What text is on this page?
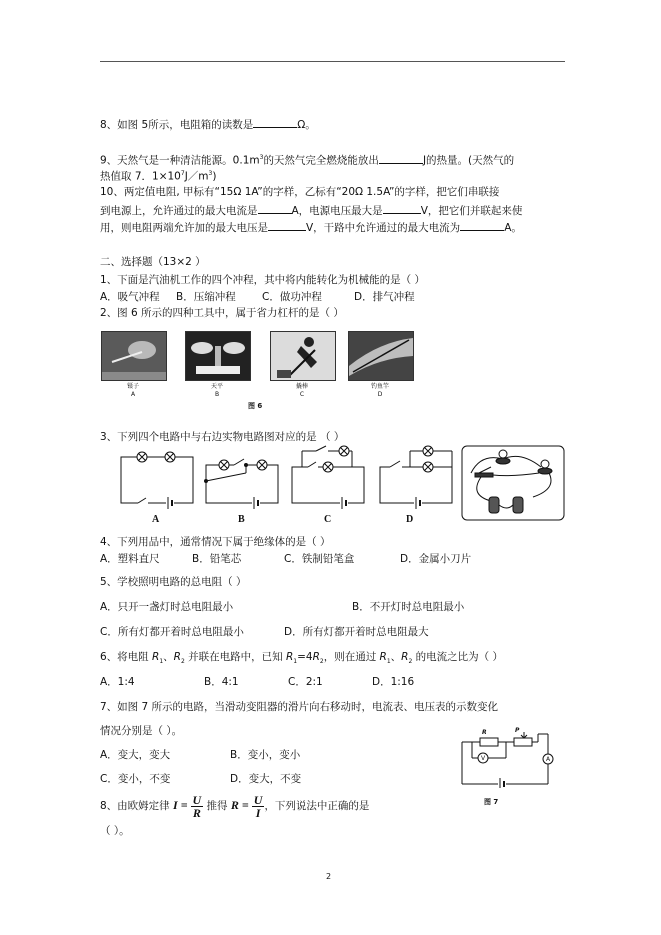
8、如图 5所示，电阻箱的读数是	Ω。
9、天然气是一种清洁能源。$0.1m^3$的天然气完全燃烧能放出	J的热量。(天然气的
热值取 7．$1\times 10^7J/m^3$)
10、两定值电阻, 甲标有“15Ω 1A”的字样，乙标有“20Ω 1.5A”的字样，把它们串联接
到电源上，允许通过的最大电流是	A，电源电压最大是	V，把它们并联起来使
用，则电阻两端允许加的最大电压是	V，干路中允许通过的最大电流为	A。
二、选择题（13×2 ）
1、下面是汽油机工作的四个冲程，其中将内能转化为机械能的是（ ）
A．吸气冲程 B．压缩冲程	C．做功冲程	D．排气冲程
2、图 6 所示的四种工具中，属于省力杠杆的是（ ）
镊子
A
天平
B
撬棒
C
钓鱼竿
D
图 6
3、下列四个电路中与右边实物电路图对应的是 （ ）
A	B	C	D
4、下列用品中，通常情况下属于绝缘体的是（ ）
A．塑料直尺	B．铅笔芯	C．铁制铅笔盒	D．金属小刀片
5、学校照明电路的总电阻（ ）
A．只开一盏灯时总电阻最小	B．不开灯时总电阻最小
C．所有灯都开着时总电阻最小	D．所有灯都开着时总电阻最大
6、将电阻 $R_1$、$R_2$ 并联在电路中，已知 $R_1=4R_2$，则在通过 $R_1$、$R_2$ 的电流之比为（ ）
A．1:4	B．4:1	C．2:1	D．1:16
7、如图 7 所示的电路，当滑动变阻器的滑片向右移动时，电流表、电压表的示数变化
情况分别是（ ）。
A．变大，变大	B．变小，变小
C．变小，不变	D．变大，不变
R	P
V	A
图 7
8、由欧姆定律 $I = \frac{U}{R}$ 推得 $R = \frac{U}{I}$ ，下列说法中正确的是
（ ）。
2
